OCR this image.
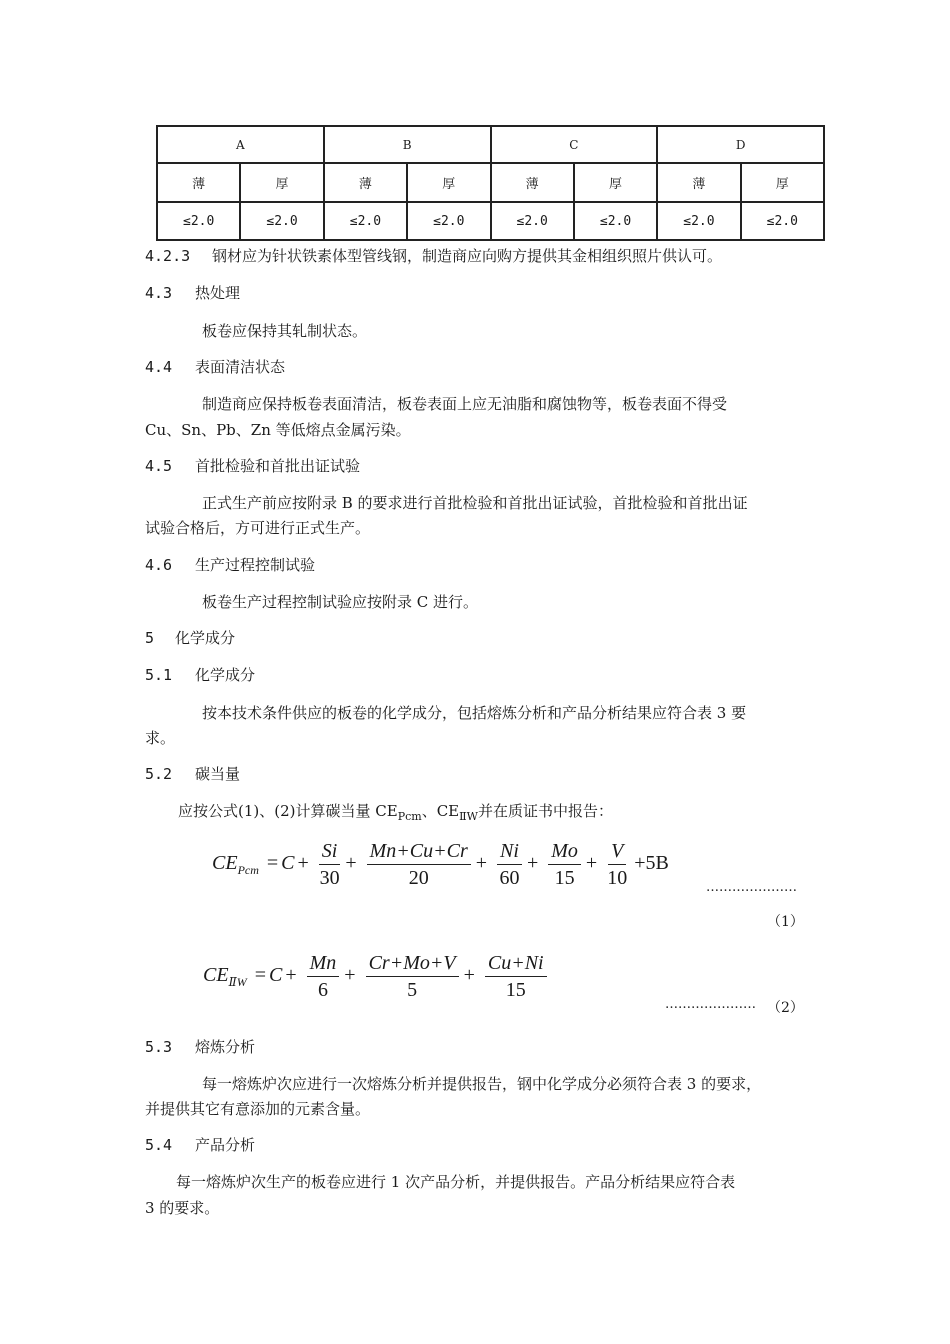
A		B		C		D	
薄	厚	薄	厚	薄	厚	薄	厚
≤2.0	≤2.0	≤2.0	≤2.0	≤2.0	≤2.0	≤2.0	≤2.0
4.2.3 钢材应为针状铁素体型管线钢，制造商应向购方提供其金相组织照片供认可。
4.3 热处理
板卷应保持其轧制状态。
4.4 表面清洁状态
制造商应保持板卷表面清洁，板卷表面上应无油脂和腐蚀物等，板卷表面不得受
Cu、Sn、Pb、Zn 等低熔点金属污染。
4.5 首批检验和首批出证试验
正式生产前应按附录 B 的要求进行首批检验和首批出证试验，首批检验和首批出证
试验合格后，方可进行正式生产。
4.6 生产过程控制试验
板卷生产过程控制试验应按附录 C 进行。
5 化学成分
5.1 化学成分
按本技术条件供应的板卷的化学成分，包括熔炼分析和产品分析结果应符合表 3 要
求。
5.2 碳当量
应按公式(1)、(2)计算碳当量 $CE_{Pcm}$、$CE_{ⅡW}$并在质证书中报告：
$CE_{Pcm} = C + \frac{Si}{30} + \frac{Mn+Cu+Cr}{20} + \frac{Ni}{60} + \frac{Mo}{15} + \frac{V}{10} +5B$
…………………
（1）
$CE_{ⅡW} = C + \frac{Mn}{6} + \frac{Cr+Mo+V}{5} + \frac{Cu+Ni}{15}$
………………… （2）
5.3 熔炼分析
每一熔炼炉次应进行一次熔炼分析并提供报告，钢中化学成分必须符合表 3 的要求，
并提供其它有意添加的元素含量。
5.4 产品分析
每一熔炼炉次生产的板卷应进行 1 次产品分析，并提供报告。产品分析结果应符合表
3 的要求。
